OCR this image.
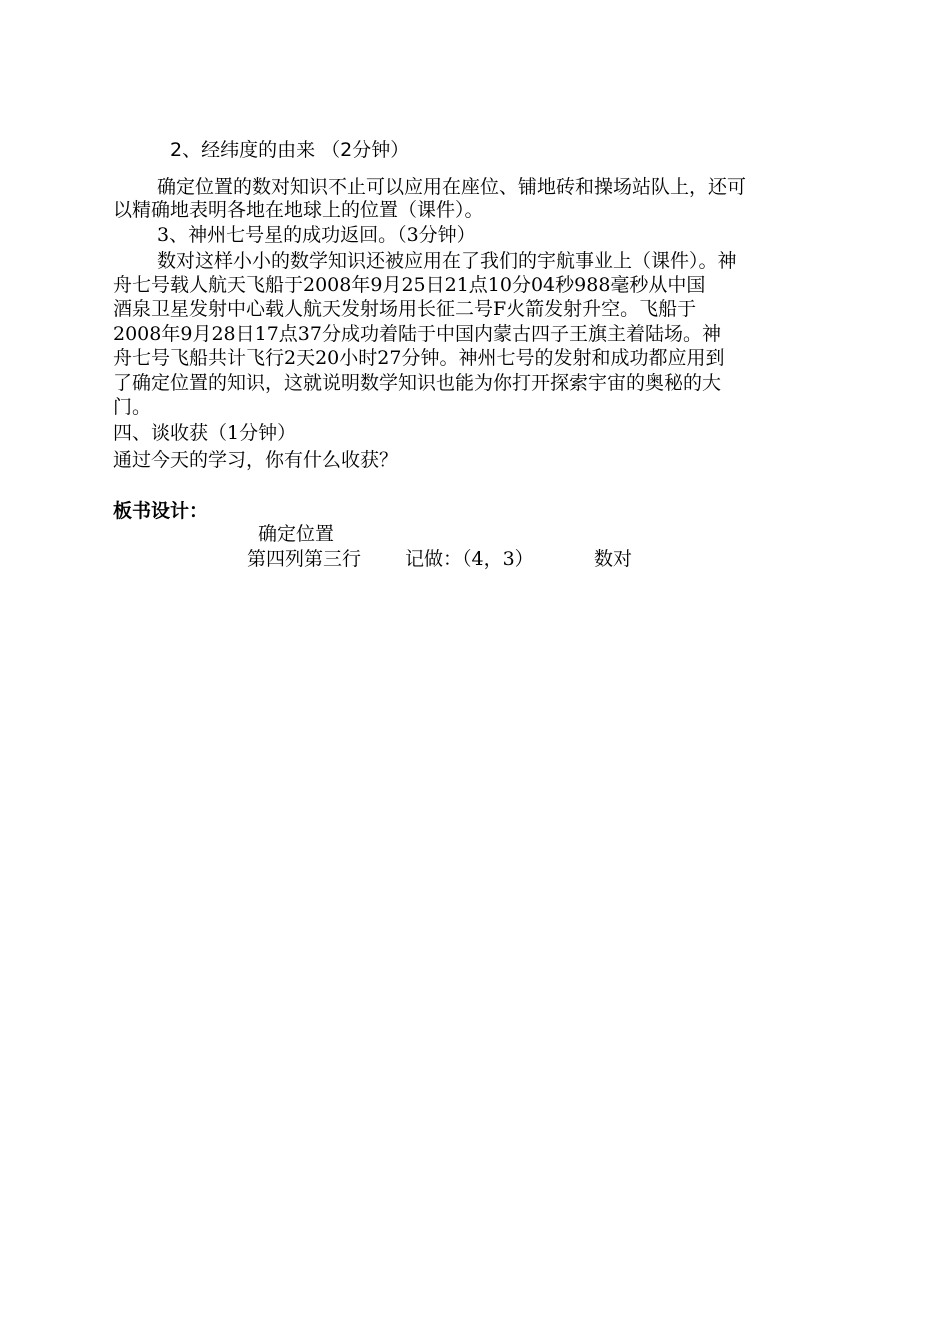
2、经纬度的由来 （2分钟）
确定位置的数对知识不止可以应用在座位、铺地砖和操场站队上，还可
以精确地表明各地在地球上的位置（课件）。
3、神州七号星的成功返回。（3分钟）
数对这样小小的数学知识还被应用在了我们的宇航事业上（课件）。神
舟七号载人航天飞船于2008年9月25日21点10分04秒988毫秒从中国
酒泉卫星发射中心载人航天发射场用长征二号F火箭发射升空。飞船于
2008年9月28日17点37分成功着陆于中国内蒙古四子王旗主着陆场。神
舟七号飞船共计飞行2天20小时27分钟。神州七号的发射和成功都应用到
了确定位置的知识，这就说明数学知识也能为你打开探索宇宙的奥秘的大
门。
四、谈收获（1分钟）
通过今天的学习，你有什么收获？
板书设计：
确定位置
第四列第三行 记做：（4，3）	数对
